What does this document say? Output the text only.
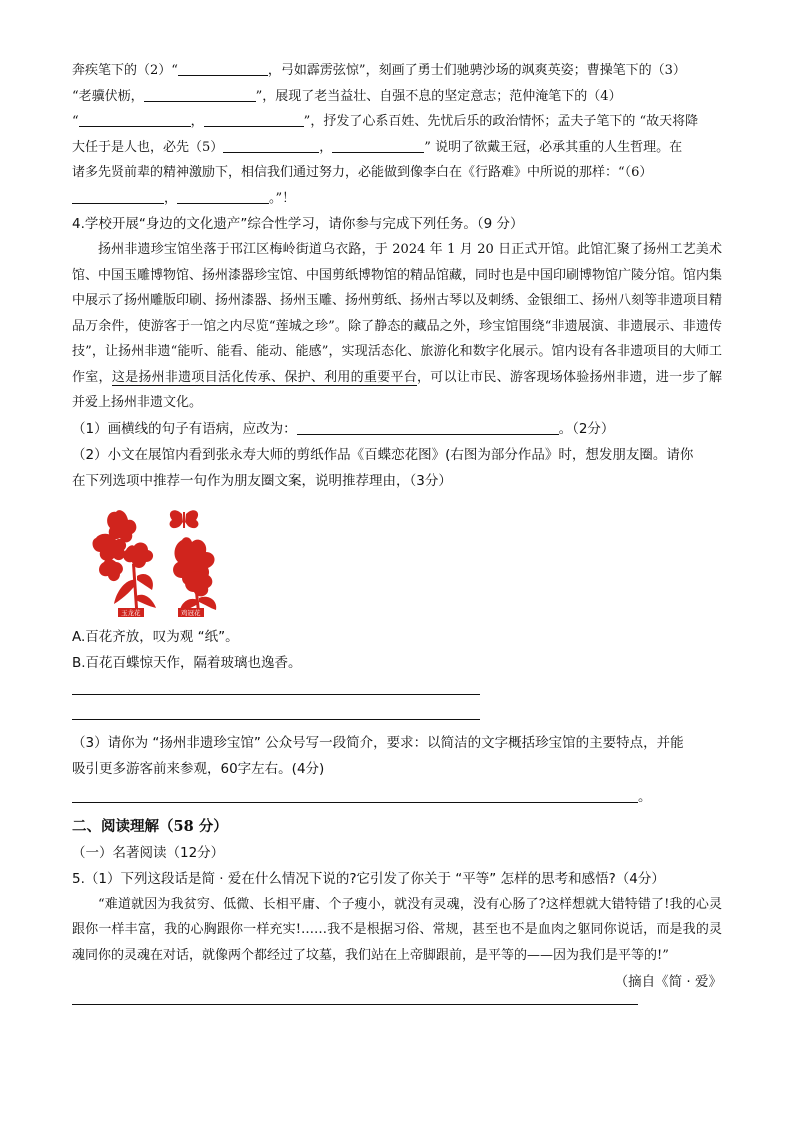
奔疾笔下的（2）“	，弓如霹雳弦惊”，刻画了勇士们驰骋沙场的飒爽英姿；曹操笔下的（3）

“老骥伏枥，	”，展现了老当益壮、自强不息的坚定意志；范仲淹笔下的（4）

“	，	”，抒发了心系百姓、先忧后乐的政治情怀；孟夫子笔下的 “故天将降

大任于是人也，必先（5）	，	” 说明了欲戴王冠，必承其重的人生哲理。在

诸多先贤前辈的精神激励下，相信我们通过努力，必能做到像李白在《行路难》中所说的那样：“（6）

，	。”！

4.学校开展“身边的文化遗产”综合性学习，请你参与完成下列任务。（9 分）

扬州非遗珍宝馆坐落于邗江区梅岭街道乌衣路，于 2024 年 1 月 20 日正式开馆。此馆汇聚了扬州工艺美术馆、中国玉雕博物馆、扬州漆器珍宝馆、中国剪纸博物馆的精品馆藏，同时也是中国印刷博物馆广陵分馆。馆内集中展示了扬州雕版印刷、扬州漆器、扬州玉雕、扬州剪纸、扬州古琴以及刺绣、金银细工、扬州八刻等非遗项目精品万余件，使游客于一馆之内尽览“莲城之珍”。除了静态的藏品之外，珍宝馆围绕“非遗展演、非遗展示、非遗传技”，让扬州非遗“能听、能看、能动、能感”，实现活态化、旅游化和数字化展示。馆内设有各非遗项目的大师工作室，这是扬州非遗项目活化传承、保护、利用的重要平台，可以让市民、游客现场体验扬州非遗，进一步了解并爱上扬州非遗文化。

（1）画横线的句子有语病，应改为：	。（2分）

（2）小文在展馆内看到张永寿大师的剪纸作品《百蝶恋花图》(右图为部分作品》时，想发朋友圈。请你

在下列选项中推荐一句作为朋友圈文案，说明推荐理由，（3分）

玉龙花	鸡冠花

A.百花齐放，叹为观 “纸”。

B.百花百蝶惊天作，隔着玻璃也逸香。

（3）请你为 “扬州非遗珍宝馆” 公众号写一段简介，要求：以简洁的文字概括珍宝馆的主要特点，并能

吸引更多游客前来参观，60字左右。(4分)

。

二、阅读理解（58 分）

（一）名著阅读（12分）

5.（1）下列这段话是简 · 爱在什么情况下说的?它引发了你关于 “平等” 怎样的思考和感悟?（4分）

“难道就因为我贫穷、低微、长相平庸、个子瘦小，就没有灵魂，没有心肠了?这样想就大错特错了!我的心灵跟你一样丰富，我的心胸跟你一样充实!……我不是根据习俗、常规，甚至也不是血肉之躯同你说话，而是我的灵魂同你的灵魂在对话，就像两个都经过了坟墓，我们站在上帝脚跟前，是平等的——因为我们是平等的!”

（摘自《简 · 爱》
